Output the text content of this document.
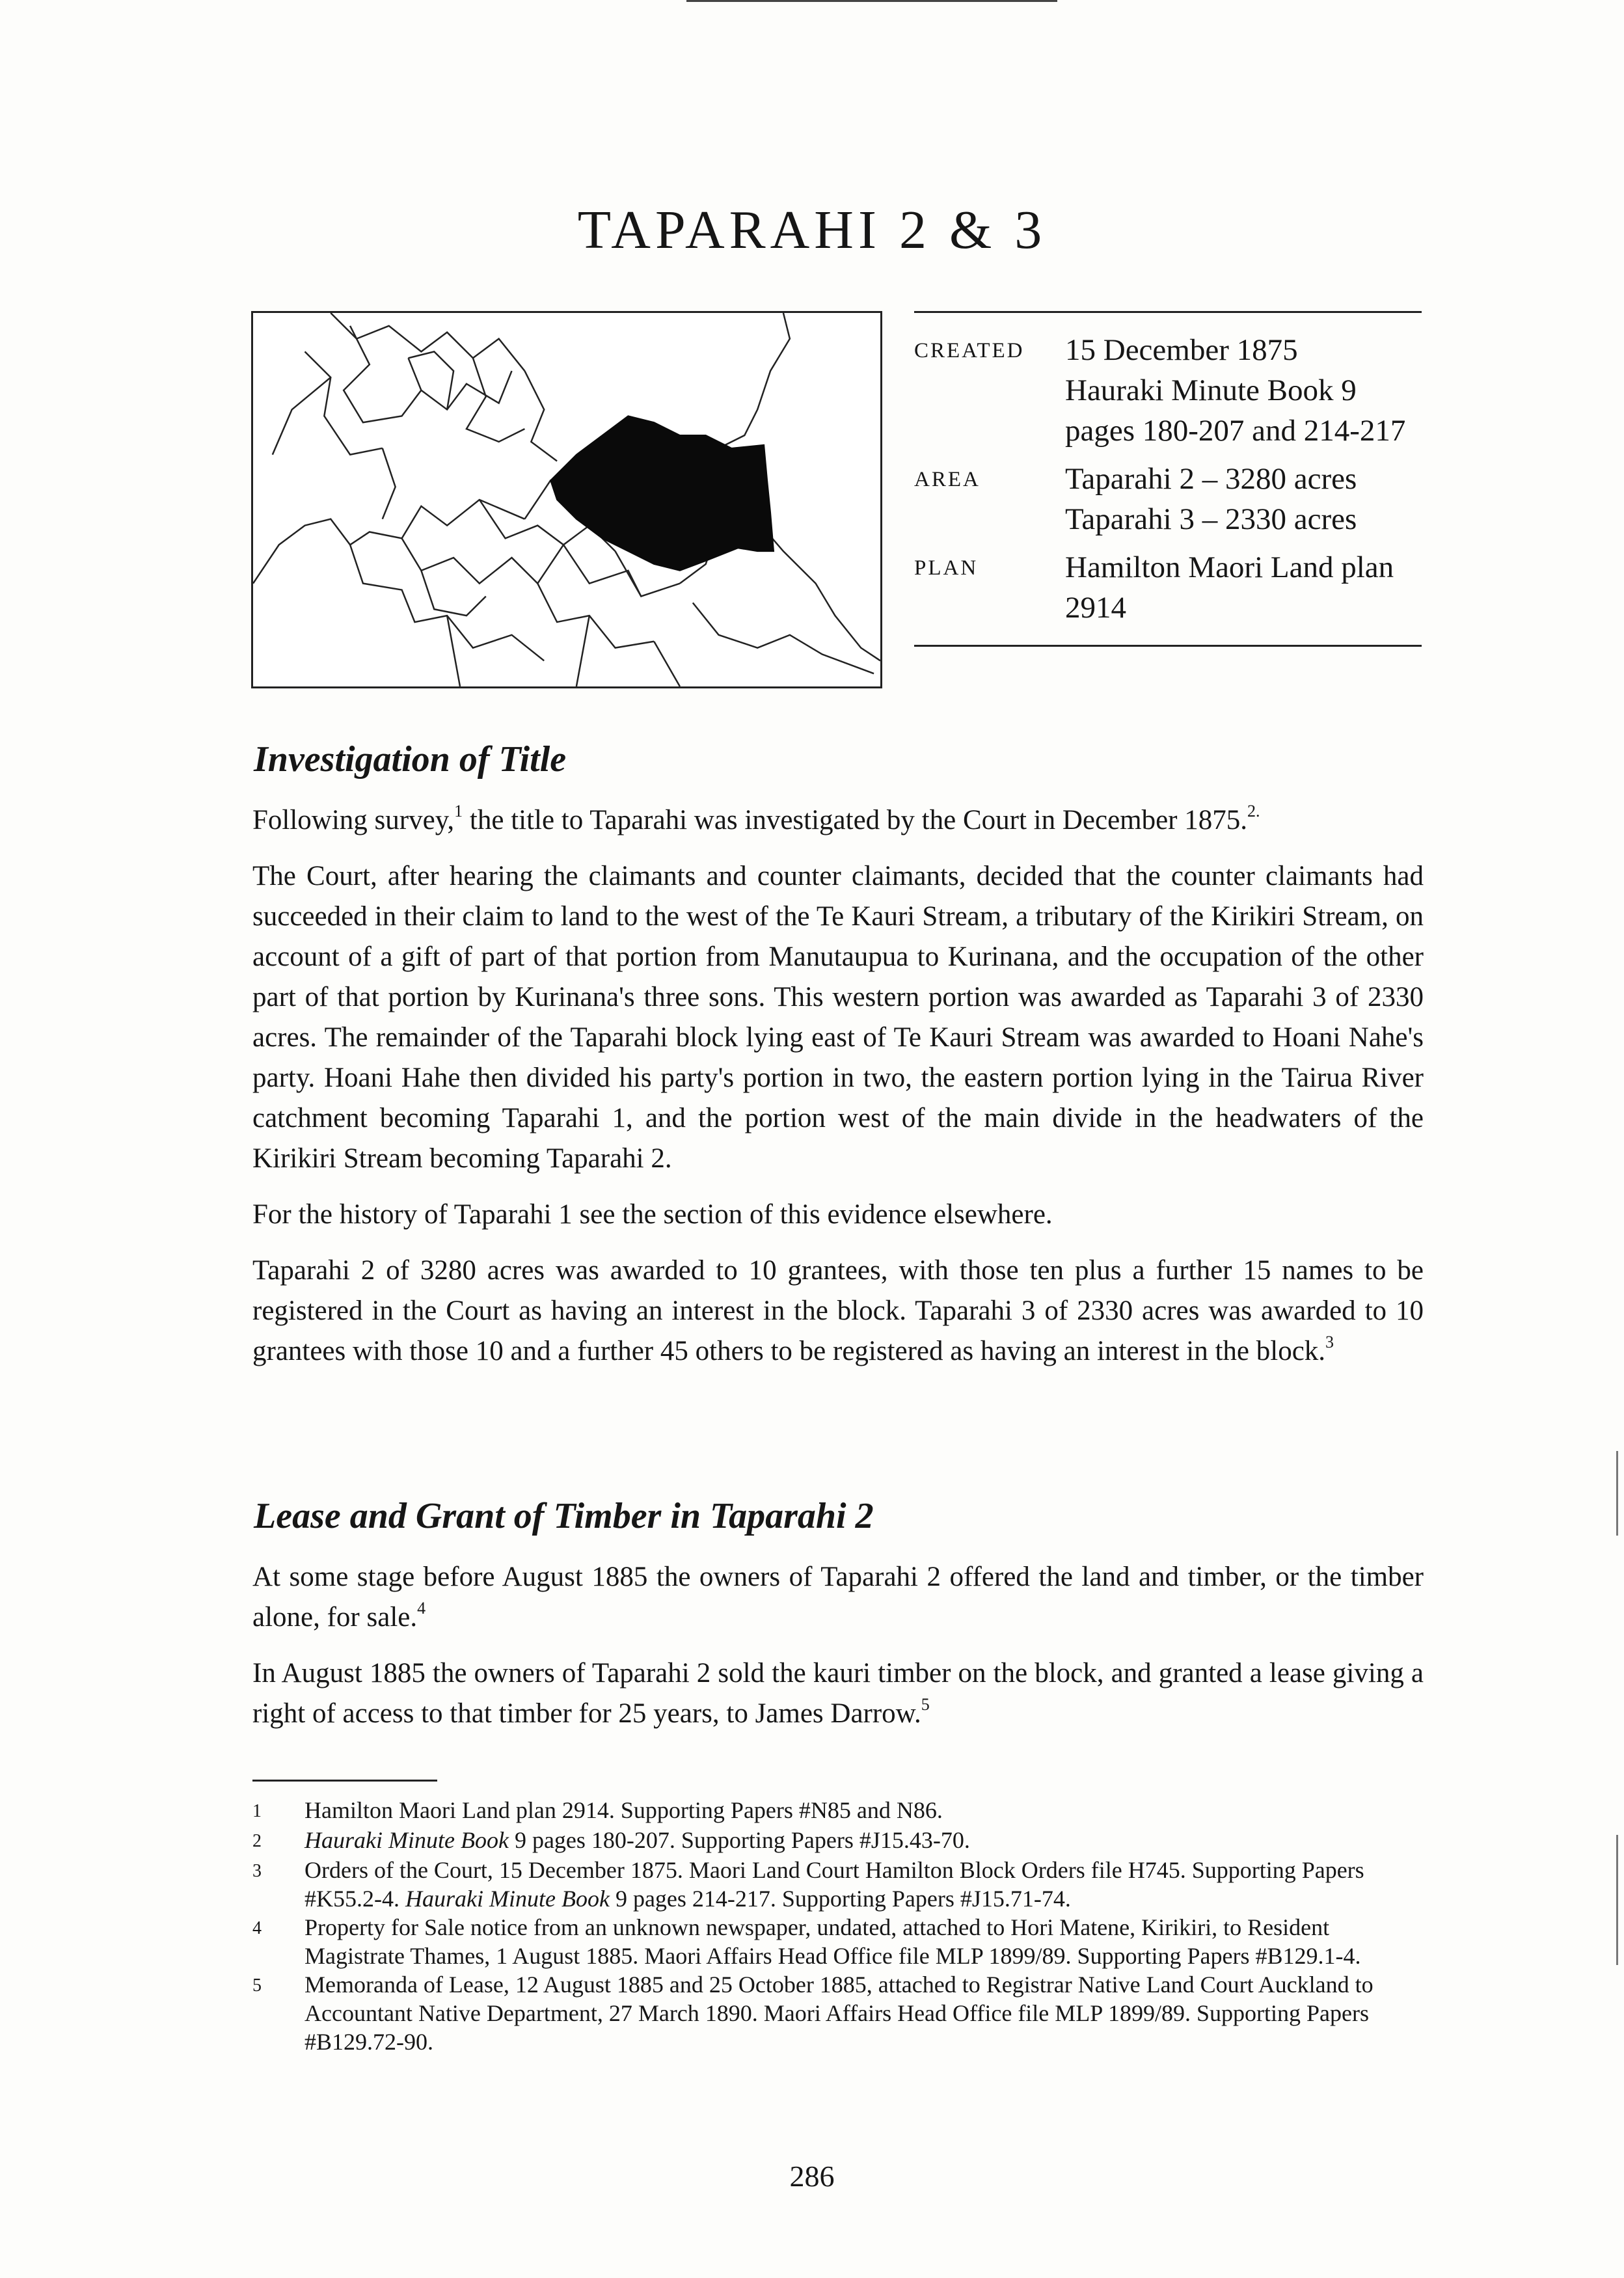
TAPARAHI 2 & 3
CREATED	15 December 1875
Hauraki Minute Book 9
pages 180-207 and 214-217
AREA	Taparahi 2 – 3280 acres
Taparahi 3 – 2330 acres
PLAN	Hamilton Maori Land plan
2914
Investigation of Title

Following survey,$^1$ the title to Taparahi was investigated by the Court in December 1875.$^{2.}$

The Court, after hearing the claimants and counter claimants, decided that the counter claimants had succeeded in their claim to land to the west of the Te Kauri Stream, a tributary of the Kirikiri Stream, on account of a gift of part of that portion from Manutaupua to Kurinana, and the occupation of the other part of that portion by Kurinana's three sons. This western portion was awarded as Taparahi 3 of 2330 acres. The remainder of the Taparahi block lying east of Te Kauri Stream was awarded to Hoani Nahe's party. Hoani Hahe then divided his party's portion in two, the eastern portion lying in the Tairua River catchment becoming Taparahi 1, and the portion west of the main divide in the headwaters of the Kirikiri Stream becoming Taparahi 2.

For the history of Taparahi 1 see the section of this evidence elsewhere.

Taparahi 2 of 3280 acres was awarded to 10 grantees, with those ten plus a further 15 names to be registered in the Court as having an interest in the block. Taparahi 3 of 2330 acres was awarded to 10 grantees with those 10 and a further 45 others to be registered as having an interest in the block.$^3$

Lease and Grant of Timber in Taparahi 2

At some stage before August 1885 the owners of Taparahi 2 offered the land and timber, or the timber alone, for sale.$^4$

In August 1885 the owners of Taparahi 2 sold the kauri timber on the block, and granted a lease giving a right of access to that timber for 25 years, to James Darrow.$^5$

1	Hamilton Maori Land plan 2914. Supporting Papers #N85 and N86.
2	Hauraki Minute Book 9 pages 180-207. Supporting Papers #J15.43-70.
3	Orders of the Court, 15 December 1875. Maori Land Court Hamilton Block Orders file H745. Supporting Papers #K55.2-4. Hauraki Minute Book 9 pages 214-217. Supporting Papers #J15.71-74.
4	Property for Sale notice from an unknown newspaper, undated, attached to Hori Matene, Kirikiri, to Resident Magistrate Thames, 1 August 1885. Maori Affairs Head Office file MLP 1899/89. Supporting Papers #B129.1-4.
5	Memoranda of Lease, 12 August 1885 and 25 October 1885, attached to Registrar Native Land Court Auckland to Accountant Native Department, 27 March 1890. Maori Affairs Head Office file MLP 1899/89. Supporting Papers #B129.72-90.
286
